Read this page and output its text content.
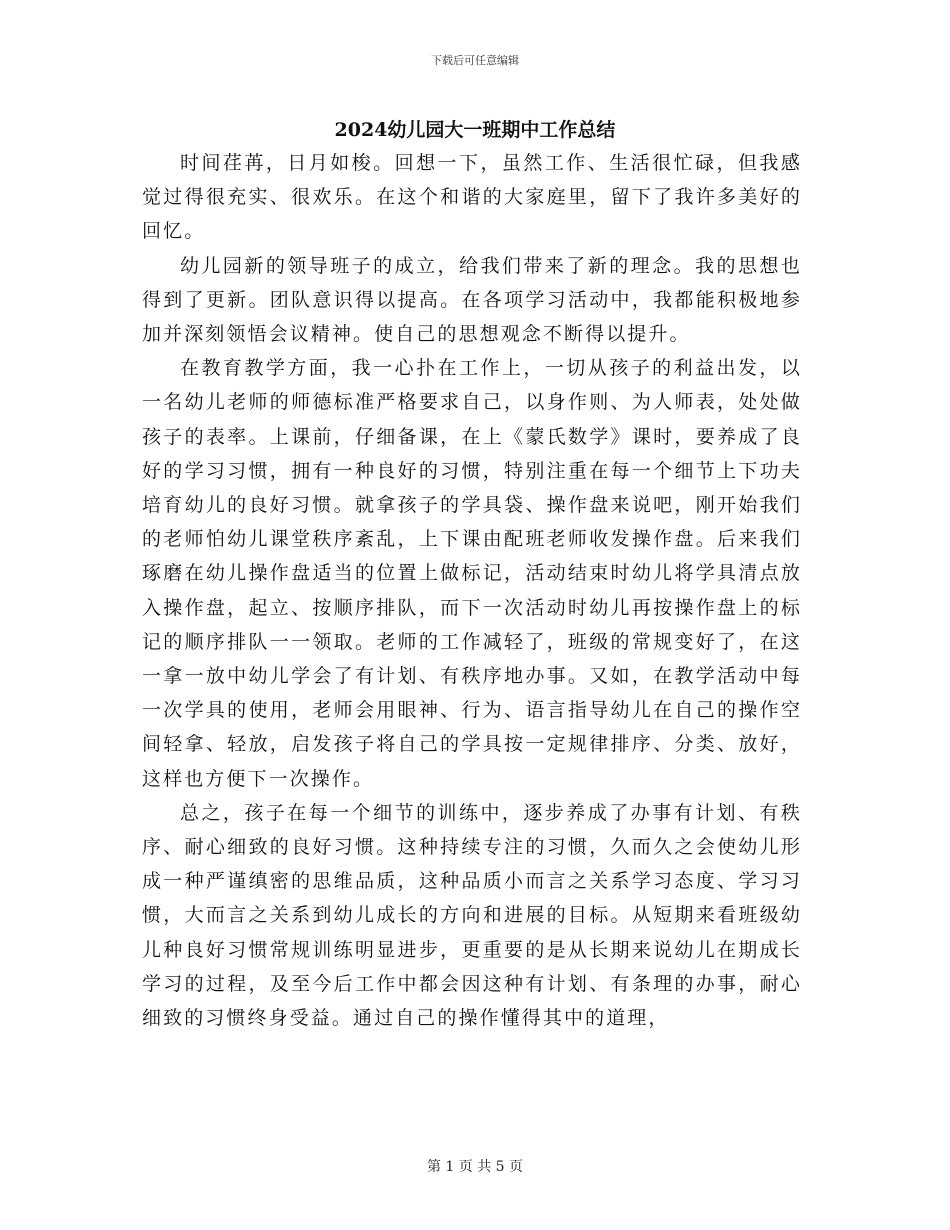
下载后可任意编辑
2024幼儿园大一班期中工作总结

时间荏苒，日月如梭。回想一下，虽然工作、生活很忙碌，但我感觉过得很充实、很欢乐。在这个和谐的大家庭里，留下了我许多美好的回忆。

幼儿园新的领导班子的成立，给我们带来了新的理念。我的思想也得到了更新。团队意识得以提高。在各项学习活动中，我都能积极地参加并深刻领悟会议精神。使自己的思想观念不断得以提升。

在教育教学方面，我一心扑在工作上，一切从孩子的利益出发，以一名幼儿老师的师德标准严格要求自己，以身作则、为人师表，处处做孩子的表率。上课前，仔细备课，在上《蒙氏数学》课时，要养成了良好的学习习惯，拥有一种良好的习惯，特别注重在每一个细节上下功夫培育幼儿的良好习惯。就拿孩子的学具袋、操作盘来说吧，刚开始我们的老师怕幼儿课堂秩序紊乱，上下课由配班老师收发操作盘。后来我们琢磨在幼儿操作盘适当的位置上做标记，活动结束时幼儿将学具清点放入操作盘，起立、按顺序排队，而下一次活动时幼儿再按操作盘上的标记的顺序排队一一领取。老师的工作减轻了，班级的常规变好了，在这一拿一放中幼儿学会了有计划、有秩序地办事。又如，在教学活动中每一次学具的使用，老师会用眼神、行为、语言指导幼儿在自己的操作空间轻拿、轻放，启发孩子将自己的学具按一定规律排序、分类、放好，这样也方便下一次操作。

总之，孩子在每一个细节的训练中，逐步养成了办事有计划、有秩序、耐心细致的良好习惯。这种持续专注的习惯，久而久之会使幼儿形成一种严谨缜密的思维品质，这种品质小而言之关系学习态度、学习习惯，大而言之关系到幼儿成长的方向和进展的目标。从短期来看班级幼儿种良好习惯常规训练明显进步，更重要的是从长期来说幼儿在期成长学习的过程，及至今后工作中都会因这种有计划、有条理的办事，耐心细致的习惯终身受益。通过自己的操作懂得其中的道理，

第 1 页 共 5 页
